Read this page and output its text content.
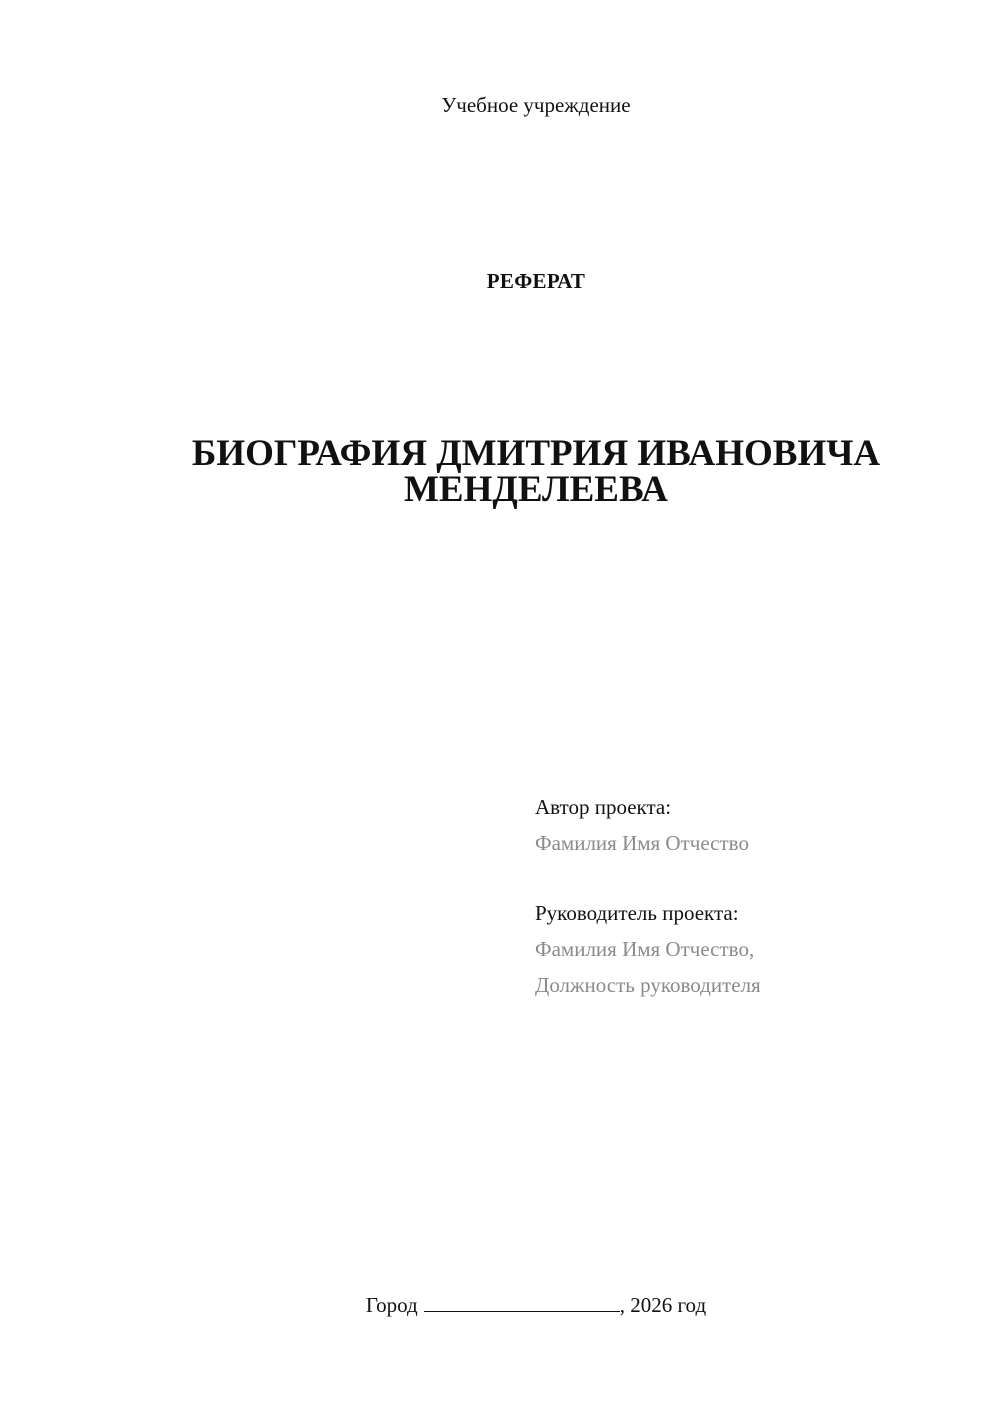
Учебное учреждение
РЕФЕРАТ
БИОГРАФИЯ ДМИТРИЯ ИВАНОВИЧА
МЕНДЕЛЕЕВА
Автор проекта:
Фамилия Имя Отчество
Руководитель проекта:
Фамилия Имя Отчество,
Должность руководителя
Город	, 2026 год
